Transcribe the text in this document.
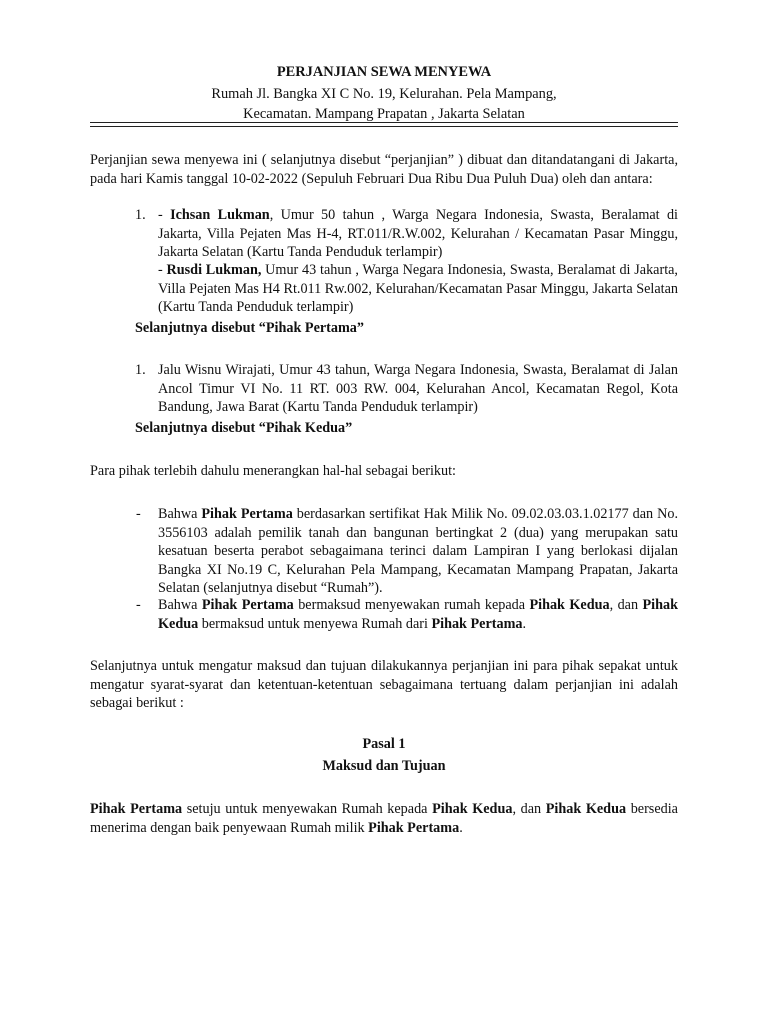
PERJANJIAN SEWA MENYEWA
Rumah Jl. Bangka XI C No. 19, Kelurahan. Pela Mampang,
Kecamatan. Mampang Prapatan , Jakarta Selatan
Perjanjian sewa menyewa ini ( selanjutnya disebut “perjanjian” ) dibuat dan ditandatangani di Jakarta, pada hari Kamis tanggal 10-02-2022 (Sepuluh Februari Dua Ribu Dua Puluh Dua) oleh dan antara:
1. - Ichsan Lukman, Umur 50 tahun , Warga Negara Indonesia, Swasta, Beralamat di Jakarta, Villa Pejaten Mas H-4, RT.011/R.W.002, Kelurahan / Kecamatan Pasar Minggu, Jakarta Selatan (Kartu Tanda Penduduk terlampir)
- Rusdi Lukman, Umur 43 tahun , Warga Negara Indonesia, Swasta, Beralamat di Jakarta, Villa Pejaten Mas H4 Rt.011 Rw.002, Kelurahan/Kecamatan Pasar Minggu, Jakarta Selatan (Kartu Tanda Penduduk terlampir)
Selanjutnya disebut “Pihak Pertama”
1. Jalu Wisnu Wirajati, Umur 43 tahun, Warga Negara Indonesia, Swasta, Beralamat di Jalan Ancol Timur VI No. 11 RT. 003 RW. 004, Kelurahan Ancol, Kecamatan Regol, Kota Bandung, Jawa Barat (Kartu Tanda Penduduk terlampir)
Selanjutnya disebut “Pihak Kedua”
Para pihak terlebih dahulu menerangkan hal-hal sebagai berikut:
- Bahwa Pihak Pertama berdasarkan sertifikat Hak Milik No. 09.02.03.03.1.02177 dan No. 3556103 adalah pemilik tanah dan bangunan bertingkat 2 (dua) yang merupakan satu kesatuan beserta perabot sebagaimana terinci dalam Lampiran I yang berlokasi dijalan Bangka XI No.19 C, Kelurahan Pela Mampang, Kecamatan Mampang Prapatan, Jakarta Selatan (selanjutnya disebut “Rumah”).
- Bahwa Pihak Pertama bermaksud menyewakan rumah kepada Pihak Kedua, dan Pihak Kedua bermaksud untuk menyewa Rumah dari Pihak Pertama.
Selanjutnya untuk mengatur maksud dan tujuan dilakukannya perjanjian ini para pihak sepakat untuk mengatur syarat-syarat dan ketentuan-ketentuan sebagaimana tertuang dalam perjanjian ini adalah sebagai berikut :
Pasal 1
Maksud dan Tujuan
Pihak Pertama setuju untuk menyewakan Rumah kepada Pihak Kedua, dan Pihak Kedua bersedia menerima dengan baik penyewaan Rumah milik Pihak Pertama.
